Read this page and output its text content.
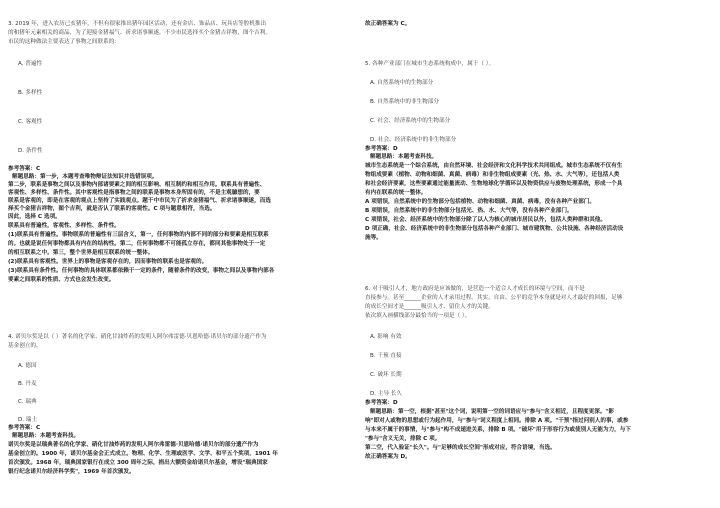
3. 2019 年，进入农历已亥猪年，不但有很家推出猪年园区活动，还有金店、饰品店、玩具店等腔机推出
的和猪年元素相关的商品，为了迎接金猪福气、祈求诸事顺遂，不少市民选择买个金猪吉祥物，图个吉利。
市民的这种做法主要表达了事物之间联系的：
A. 普遍性
B. 多样性
C. 客观性
D. 条件性
参考答案：C
解题思路：第一步，本题考查唯物辩证法知识并选错误项。
第二步，联系是事物之间以及事物内部诸要素之间的相互影响、相互制约和相互作用。联系具有普遍性、
客观性、多样性、条件性。其中客观性是指事物之间的联系是事物本身所固有的，不是主观臆想的，要
联系是客观的，即是在客观的观点上坚持了实践观点。题干中市民为了祈求金猪福气、祈求诸事顺遂，而选
择买个金猪吉祥物，图个吉利，就是否认了联系的客观性。C 项与题意相符，当选。
因此，选择 C 选项。
联系具有普遍性，客观性、多样性、条件性。
(1)联系具有普遍性。事物联系的普遍性有三层含义，第一，任何事物的内部不同的部分和要素是相互联系
的。也就是说任何事物都具有内在的结构性。第二，任何事物都不可能孤立存在，都同其他事物处于一定
的相互联系之中。第三，整个世界是相互联系的统一整体。
(2)联系具有客观性。世界上的事物是客观存在的，因而事物的联系也是客观的。
(3)联系具有条件性。任何事物的具体联系都依赖于一定的条件，随着条件的改变，事物之间以及事物内部各
要素之间联系的性质、方式也会发生改变。
4. 诺贝尔奖是以（ ）著名的化学家、硝化甘油炸药的发明人阿尔弗雷德·贝恩哈德·诺贝尔的部分遗产作为
基金创立的。
A. 德国
B. 丹麦
C. 瑞典
D. 瑞士
参考答案：C
解题思路：本题考查科技。
诺贝尔奖是以瑞典著名的化学家、硝化甘油炸药的发明人阿尔弗雷德·贝恩哈德·诺贝尔的部分遗产作为
基金创立的。1900 年，诺贝尔基金会正式成立。物理、化学、生理或医学、文学、和平五个奖项，1901 年
首次颁发。1968 年，瑞典国家银行在成立 300 周年之际，捐出大额资金给诺贝尔基金，增设"瑞典国家
银行纪念诺贝尔经济科学奖"，1969 年首次颁发。
故正确答案为 C。
5. 各种产业部门在城市生态系统构成中，属于（ ）。
A. 自然系统中的生物部分
B. 自然系统中的非生物部分
C. 社会、经济系统中的生物部分
D. 社会、经济系统中的非生物部分
参考答案：D
解题思路：本题考查科技。
城市生态系统是一个综合系统，由自然环境、社会经济和文化科学技术共同组成。城市生态系统不仅有生
物组成要素（植物、动物和细菌、真菌、病毒）和非生物组成要素（光、热、水、大气等），还包括人类
和社会经济要素，这些要素通过能量流动、生物地球化学循环以及物资供应与废物处理系统，形成一个具
有内在联系的统一整体。
A 项错误，自然系统中的生物部分包括植物、动物和细菌、真菌、病毒，没有各种产业部门。
B 项错误，自然系统中的非生物部分包括光、热、水、大气等，没有各种产业部门。
C 项错误，社会、经济系统中的生物部分除了以人为核心的城市居民以外，包括人类种群和其他。
D 项正确，社会、经济系统中的非生物部分包括各种产业部门、城市建筑物、公共设施、各种经济活动设
施等。
6. 对于吸引人才，地方政府是应该做的，是营造一个适合人才成长的环境与空间，而不是
直接参与。甚至______企业的人才录用过程。其实，自由、公平的竞争本身就是对人才最好的回报，足够
的成长空间才是______吸引人才、留住人才的关键。
依次填入画横线部分最恰当的一项是（ ）。
A. 影响 有效
B. 干预 直接
C. 破坏 长期
D. 主导 长久
参考答案：D
解题思路：第一空，根据"甚至"这个词，说明第一空的词语应与"参与"含义相近，且程度更深。"影
响"即对人或物的思想或行为起作用，与"参与"词义程度上相同。排除 A 项。"干预"指过问别人的事，或参
与本来不属于的事情，与"参与"构不成递进关系，排除 B 项。"破坏"用于形容行为或使别人无能为力，与下
"参与"含义无关，排除 C 项。
第二空，代入验证"长久"。与"足够的成长空间"形成对应，符合语境，当选。
故正确答案为 D。
